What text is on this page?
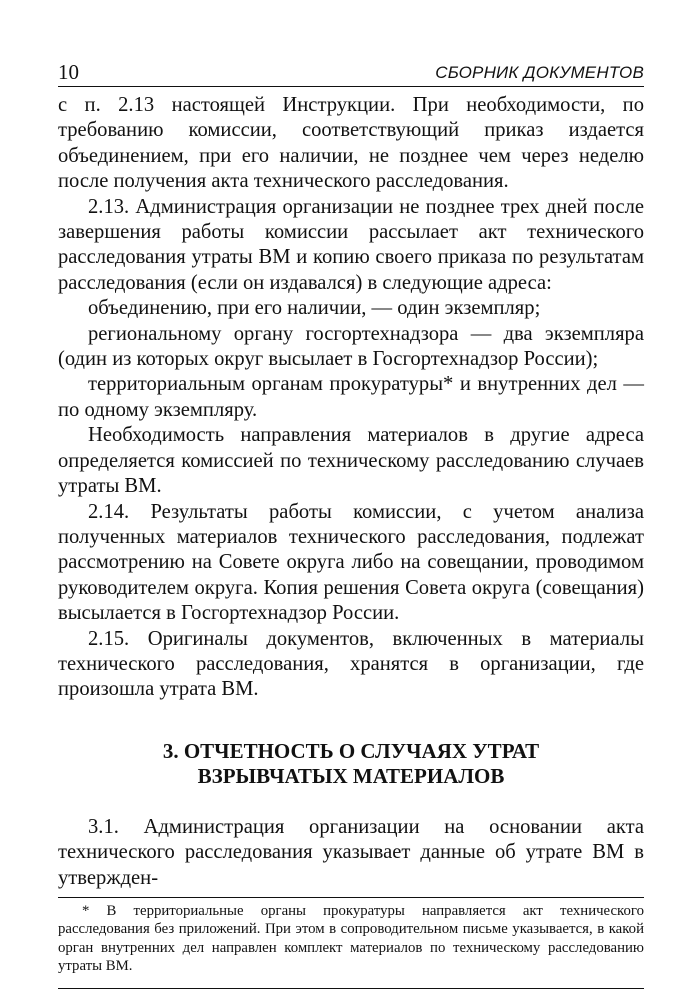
10	СБОРНИК ДОКУМЕНТОВ

с п. 2.13 настоящей Инструкции. При необходимости, по требованию комиссии, соответствующий приказ издается объединением, при его наличии, не позднее чем через неделю после получения акта технического расследования.

2.13. Администрация организации не позднее трех дней после завершения работы комиссии рассылает акт технического расследования утраты ВМ и копию своего приказа по результатам расследования (если он издавался) в следующие адреса:

объединению, при его наличии, — один экземпляр;

региональному органу госгортехнадзора — два экземпляра (один из которых округ высылает в Госгортехнадзор России);

территориальным органам прокуратуры* и внутренних дел — по одному экземпляру.

Необходимость направления материалов в другие адреса определяется комиссией по техническому расследованию случаев утраты ВМ.

2.14. Результаты работы комиссии, с учетом анализа полученных материалов технического расследования, подлежат рассмотрению на Совете округа либо на совещании, проводимом руководителем округа. Копия решения Совета округа (совещания) высылается в Госгортехнадзор России.

2.15. Оригиналы документов, включенных в материалы технического расследования, хранятся в организации, где произошла утрата ВМ.

3. ОТЧЕТНОСТЬ О СЛУЧАЯХ УТРАТ
ВЗРЫВЧАТЫХ МАТЕРИАЛОВ

3.1. Администрация организации на основании акта технического расследования указывает данные об утрате ВМ в утвержден-

* В территориальные органы прокуратуры направляется акт технического расследования без приложений. При этом в сопроводительном письме указывается, в какой орган внутренних дел направлен комплект материалов по техническому расследованию утраты ВМ.
